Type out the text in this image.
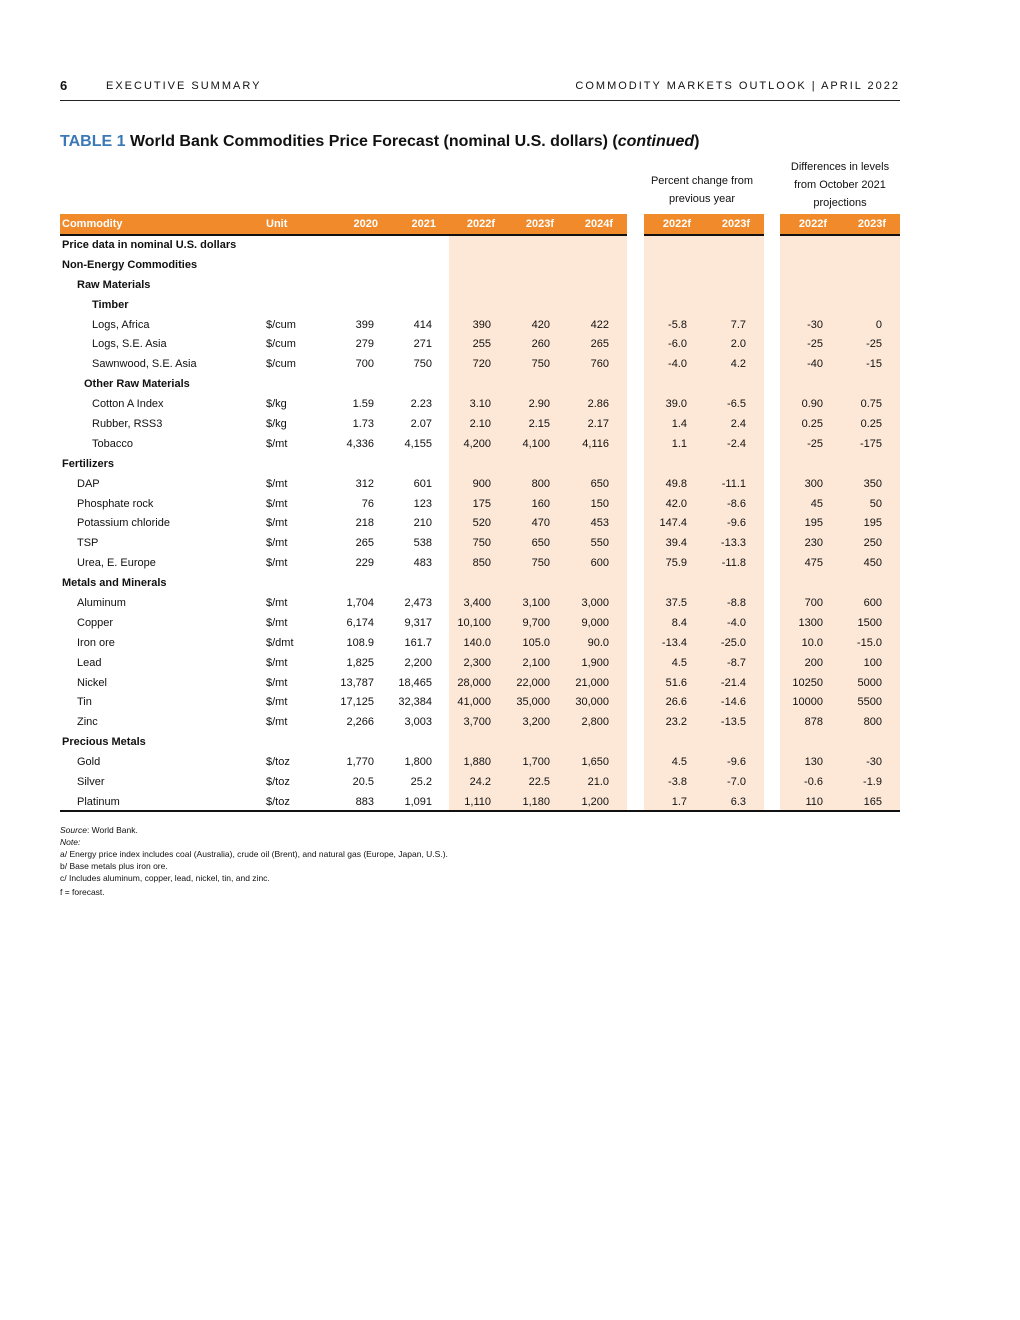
6	EXECUTIVE SUMMARY	COMMODITY MARKETS OUTLOOK | APRIL 2022
TABLE 1 World Bank Commodities Price Forecast (nominal U.S. dollars) (continued)
Percent change from previous year
Differences in levels from October 2021 projections
Commodity	Unit	2020	2021	2022f	2023f	2024f	2022f	2023f	2022f	2023f
Price data in nominal U.S. dollars
Non-Energy Commodities
Raw Materials
Timber
Logs, Africa	$/cum	399	414	390	420	422	-5.8	7.7	-30	0
Logs, S.E. Asia	$/cum	279	271	255	260	265	-6.0	2.0	-25	-25
Sawnwood, S.E. Asia	$/cum	700	750	720	750	760	-4.0	4.2	-40	-15
Other Raw Materials
Cotton A Index	$/kg	1.59	2.23	3.10	2.90	2.86	39.0	-6.5	0.90	0.75
Rubber, RSS3	$/kg	1.73	2.07	2.10	2.15	2.17	1.4	2.4	0.25	0.25
Tobacco	$/mt	4,336	4,155	4,200	4,100	4,116	1.1	-2.4	-25	-175
Fertilizers
DAP	$/mt	312	601	900	800	650	49.8	-11.1	300	350
Phosphate rock	$/mt	76	123	175	160	150	42.0	-8.6	45	50
Potassium chloride	$/mt	218	210	520	470	453	147.4	-9.6	195	195
TSP	$/mt	265	538	750	650	550	39.4	-13.3	230	250
Urea, E. Europe	$/mt	229	483	850	750	600	75.9	-11.8	475	450
Metals and Minerals
Aluminum	$/mt	1,704	2,473	3,400	3,100	3,000	37.5	-8.8	700	600
Copper	$/mt	6,174	9,317	10,100	9,700	9,000	8.4	-4.0	1300	1500
Iron ore	$/dmt	108.9	161.7	140.0	105.0	90.0	-13.4	-25.0	10.0	-15.0
Lead	$/mt	1,825	2,200	2,300	2,100	1,900	4.5	-8.7	200	100
Nickel	$/mt	13,787	18,465	28,000	22,000	21,000	51.6	-21.4	10250	5000
Tin	$/mt	17,125	32,384	41,000	35,000	30,000	26.6	-14.6	10000	5500
Zinc	$/mt	2,266	3,003	3,700	3,200	2,800	23.2	-13.5	878	800
Precious Metals
Gold	$/toz	1,770	1,800	1,880	1,700	1,650	4.5	-9.6	130	-30
Silver	$/toz	20.5	25.2	24.2	22.5	21.0	-3.8	-7.0	-0.6	-1.9
Platinum	$/toz	883	1,091	1,110	1,180	1,200	1.7	6.3	110	165
Source: World Bank.
Note:
a/ Energy price index includes coal (Australia), crude oil (Brent), and natural gas (Europe, Japan, U.S.).
b/ Base metals plus iron ore.
c/ Includes aluminum, copper, lead, nickel, tin, and zinc.
f = forecast.
